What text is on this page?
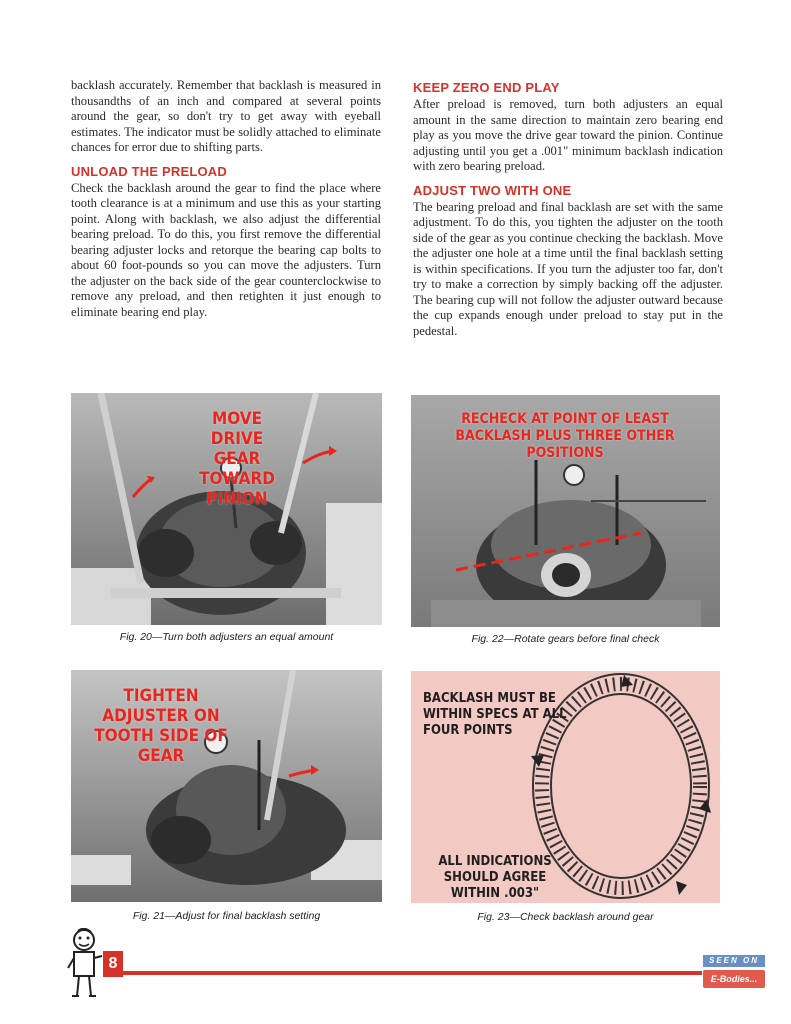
backlash accurately. Remember that backlash is measured in thousandths of an inch and compared at several points around the gear, so don't try to get away with eyeball estimates. The indicator must be solidly attached to eliminate chances for error due to shifting parts.

UNLOAD THE PRELOAD

Check the backlash around the gear to find the place where tooth clearance is at a minimum and use this as your starting point. Along with backlash, we also adjust the differential bearing preload. To do this, you first remove the differential bearing adjuster locks and retorque the bearing cap bolts to about 60 foot-pounds so you can move the adjusters. Turn the adjuster on the back side of the gear counterclockwise to remove any preload, and then retighten it just enough to eliminate bearing end play.

KEEP ZERO END PLAY

After preload is removed, turn both adjusters an equal amount in the same direction to maintain zero bearing end play as you move the drive gear toward the pinion. Continue adjusting until you get a .001" minimum backlash indication with zero bearing preload.

ADJUST TWO WITH ONE

The bearing preload and final backlash are set with the same adjustment. To do this, you tighten the adjuster on the tooth side of the gear as you continue checking the backlash. Move the adjuster one hole at a time until the final backlash setting is within specifications. If you turn the adjuster too far, don't try to make a correction by simply backing off the adjuster. The bearing cup will not follow the adjuster outward because the cup expands enough under preload to stay put in the pedestal.

MOVE DRIVE GEAR TOWARD PINION
Fig. 20—Turn both adjusters an equal amount
RECHECK AT POINT OF LEAST BACKLASH PLUS THREE OTHER POSITIONS
Fig. 22—Rotate gears before final check
TIGHTEN ADJUSTER ON TOOTH SIDE OF GEAR
Fig. 21—Adjust for final backlash setting
BACKLASH MUST BE WITHIN SPECS AT ALL FOUR POINTS
ALL INDICATIONS SHOULD AGREE WITHIN .003"
Fig. 23—Check backlash around gear
8	SEEN ON
E-Bodies...
